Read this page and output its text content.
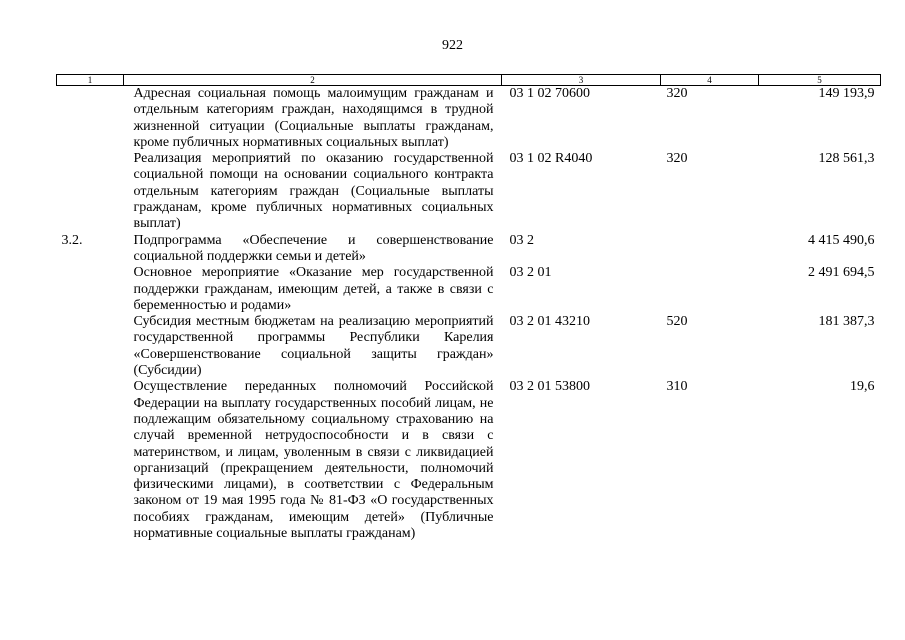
922
1	2	3	4	5
	Адресная социальная помощь малоимущим гражданам и отдельным категориям граждан, находящимся в трудной жизненной ситуации (Социальные выплаты гражданам, кроме публичных нормативных социальных выплат)	03 1 02 70600	320	149 193,9
	Реализация мероприятий по оказанию государственной социальной помощи на основании социального контракта отдельным категориям граждан (Социальные выплаты гражданам, кроме публичных нормативных социальных выплат)	03 1 02 R4040	320	128 561,3
3.2.	Подпрограмма «Обеспечение и совершенствование социальной поддержки семьи и детей»	03 2		4 415 490,6
	Основное мероприятие «Оказание мер государственной поддержки гражданам, имеющим детей, а также в связи с беременностью и родами»	03 2 01		2 491 694,5
	Субсидия местным бюджетам на реализацию мероприятий государственной программы Республики Карелия «Совершенствование социальной защиты граждан» (Субсидии)	03 2 01 43210	520	181 387,3
	Осуществление переданных полномочий Российской Федерации на выплату государственных пособий лицам, не подлежащим обязательному социальному страхованию на случай временной нетрудоспособности и в связи с материнством, и лицам, уволенным в связи с ликвидацией организаций (прекращением деятельности, полномочий физическими лицами), в соответствии с Федеральным законом от 19 мая 1995 года № 81-ФЗ «О государственных пособиях гражданам, имеющим детей» (Публичные нормативные социальные выплаты гражданам)	03 2 01 53800	310	19,6
